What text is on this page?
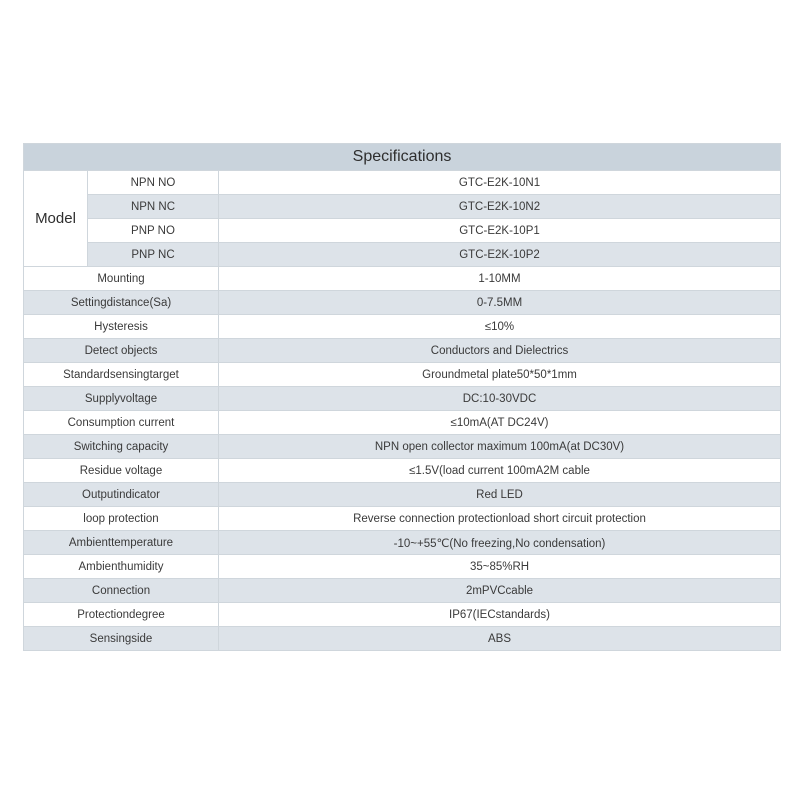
Specifications		
Model	NPN NO	GTC-E2K-10N1
	NPN NC	GTC-E2K-10N2
	PNP NO	GTC-E2K-10P1
	PNP NC	GTC-E2K-10P2
Mounting		1-10MM
Settingdistance(Sa)		0-7.5MM
Hysteresis		≤10%
Detect objects		Conductors and Dielectrics
Standardsensingtarget		Groundmetal plate50*50*1mm
Supplyvoltage		DC:10-30VDC
Consumption current		≤10mA(AT DC24V)
Switching capacity		NPN open collector maximum 100mA(at DC30V)
Residue voltage		≤1.5V(load current 100mA2M cable
Outputindicator		Red LED
loop protection		Reverse connection protectionload short circuit protection
Ambienttemperature		-10~+55℃(No freezing,No condensation)
Ambienthumidity		35~85%RH
Connection		2mPVCcable
Protectiondegree		IP67(IECstandards)
Sensingside		ABS
